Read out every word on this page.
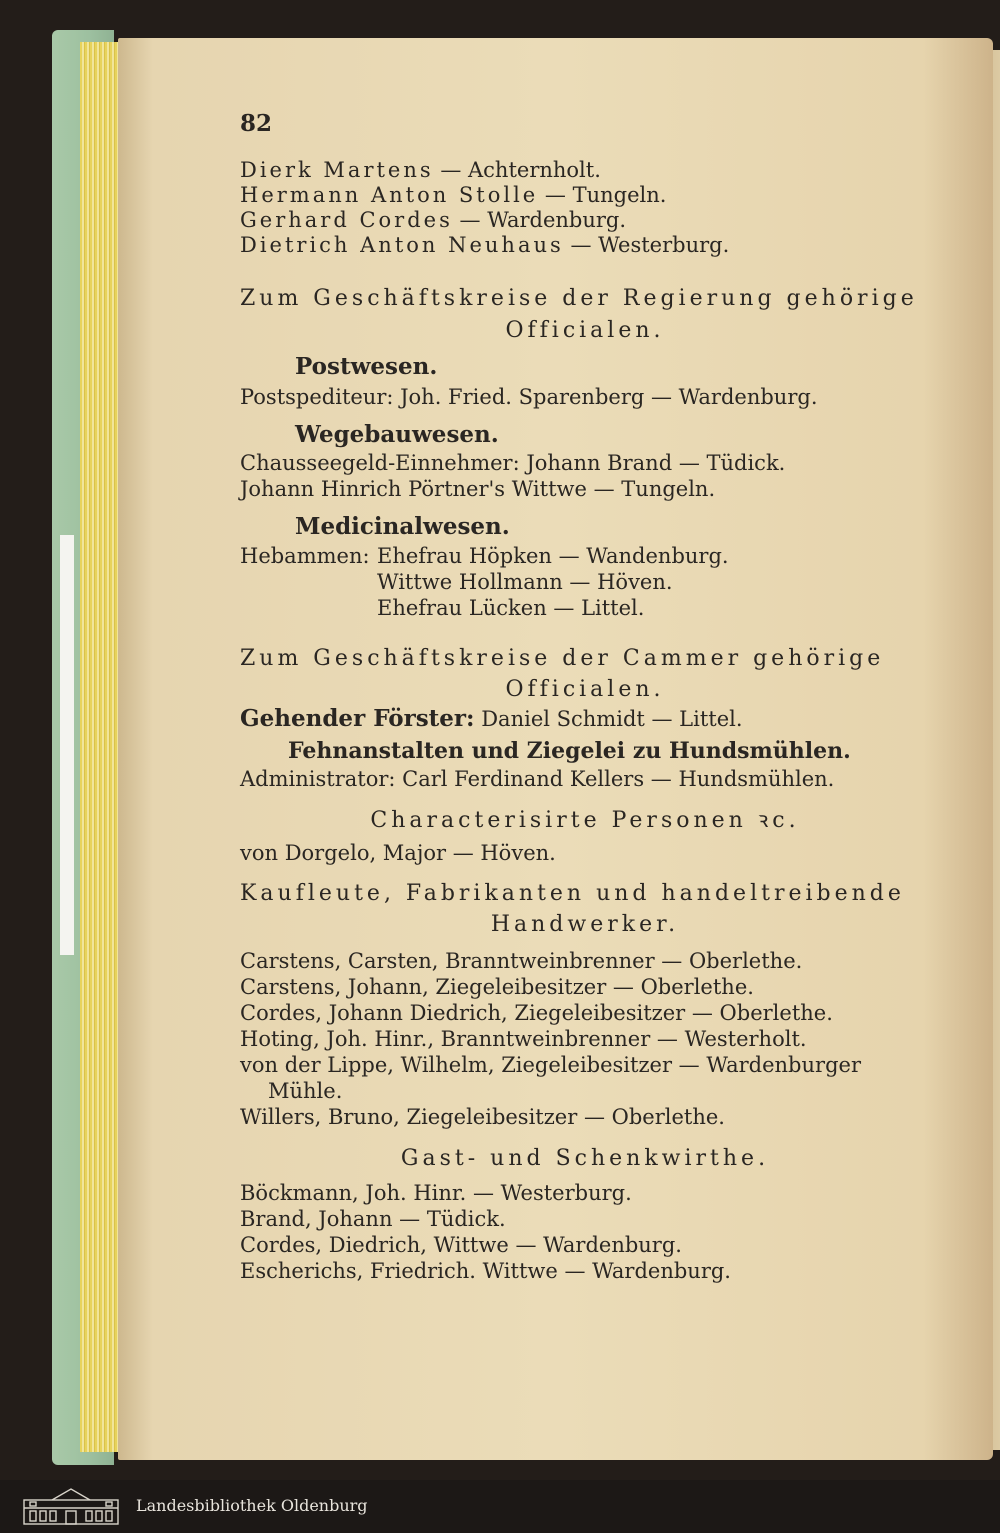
82
Dierk Martens — Achternholt.
Hermann Anton Stolle — Tungeln.
Gerhard Cordes — Wardenburg.
Dietrich Anton Neuhaus — Westerburg.
Zum Geschäftskreise der Regierung gehörige
Officialen.
Postwesen.
Postspediteur: Joh. Fried. Sparenberg — Wardenburg.
Wegebauwesen.
Chausseegeld-Einnehmer: Johann Brand — Tüdick.
Johann Hinrich Pörtner's Wittwe — Tungeln.
Medicinalwesen.
Hebammen: Ehefrau Höpken — Wandenburg.
Wittwe Hollmann — Höven.
Ehefrau Lücken — Littel.
Zum Geschäftskreise der Cammer gehörige
Officialen.
Gehender Förster: Daniel Schmidt — Littel.
Fehnanstalten und Ziegelei zu Hundsmühlen.
Administrator: Carl Ferdinand Kellers — Hundsmühlen.
Characterisirte Personen ꝛc.
von Dorgelo, Major — Höven.
Kaufleute, Fabrikanten und handeltreibende
Handwerker.
Carstens, Carsten, Branntweinbrenner — Oberlethe.
Carstens, Johann, Ziegeleibesitzer — Oberlethe.
Cordes, Johann Diedrich, Ziegeleibesitzer — Oberlethe.
Hoting, Joh. Hinr., Branntweinbrenner — Westerholt.
von der Lippe, Wilhelm, Ziegeleibesitzer — Wardenburger
Mühle.
Willers, Bruno, Ziegeleibesitzer — Oberlethe.
Gast- und Schenkwirthe.
Böckmann, Joh. Hinr. — Westerburg.
Brand, Johann — Tüdick.
Cordes, Diedrich, Wittwe — Wardenburg.
Escherichs, Friedrich. Wittwe — Wardenburg.
Landesbibliothek Oldenburg
